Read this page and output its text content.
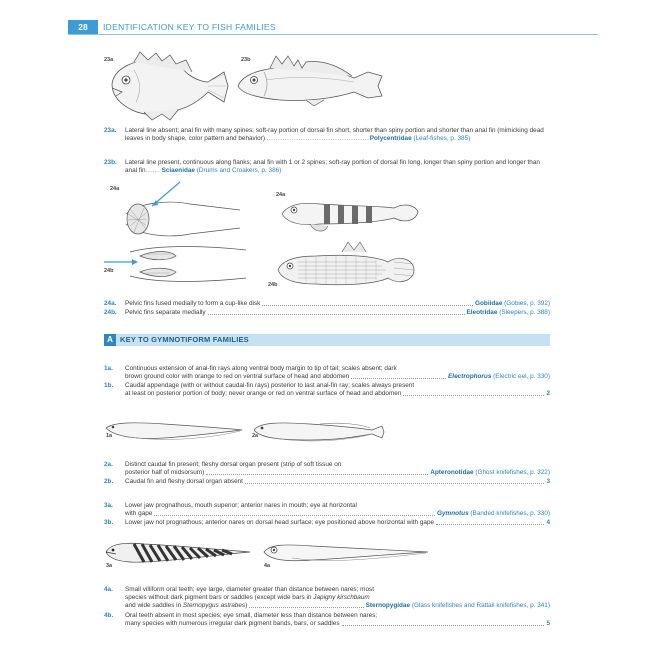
28	IDENTIFICATION KEY TO FISH FAMILIES
23a	23b
23a. Lateral line absent; anal fin with many spines; soft-ray portion of dorsal fin short, shorter than spiny portion and shorter than anal fin (mimicking dead leaves in body shape, color pattern and behavior)...........................................................Polycentridae (Leaf-fishes, p. 385)
23b. Lateral line present, continuous along flanks; anal fin with 1 or 2 spines; soft-ray portion of dorsal fin long, longer than spiny portion and longer than anal fin........ Sciaenidae (Drums and Croakers, p. 386)
24a
24b
24a
24b
24a. Pelvic fins fused medially to form a cup-like disk	Gobiidae
(Gobies, p. 392)
24b. Pelvic fins separate medially	Eleotridae
(Sleepers, p. 388)
A KEY TO GYMNOTIFORM FAMILIES
1a. Continuous extension of anal-fin rays along ventral body margin to tip of tail; scales absent; dark
brown ground color with orange to red on ventral surface of head and abdomen	Electrophorus
(Electric eel, p. 330)
1b. Caudal appendage (with or without caudal-fin rays) posterior to last anal-fin ray; scales always present
at least on posterior portion of body; never orange or red on ventral surface of head and abdomen	2
1a	2a
2a. Distinct caudal fin present; fleshy dorsal organ present (strip of soft tissue on
posterior half of midsorsum)	Apteronotidae
(Ghost knifefishes, p. 322)
2b. Caudal fin and fleshy dorsal organ absent	3
3a. Lower jaw prognathous, mouth superior; anterior nares in mouth; eye at horizontal
with gape	Gymnotus
(Banded knifefishes, p. 330)
3b. Lower jaw not prognathous; anterior nares on dorsal head surface; eye positioned above horizontal with gape	4
3a	4a
4a. Small villiform oral teeth; eye large, diameter greater than distance between nares; most
species without dark pigment bars or saddles (except wide bars in Japigny kirschbaum
and wide saddles in Sternopygus astrabes)	Sternopygidae
(Glass knifefishes and Rattail knifefishes, p. 341)
4b. Oral teeth absent in most species; eye small, diameter less than distance between nares;
many species with numerous irregular dark pigment bands, bars, or saddles	5
